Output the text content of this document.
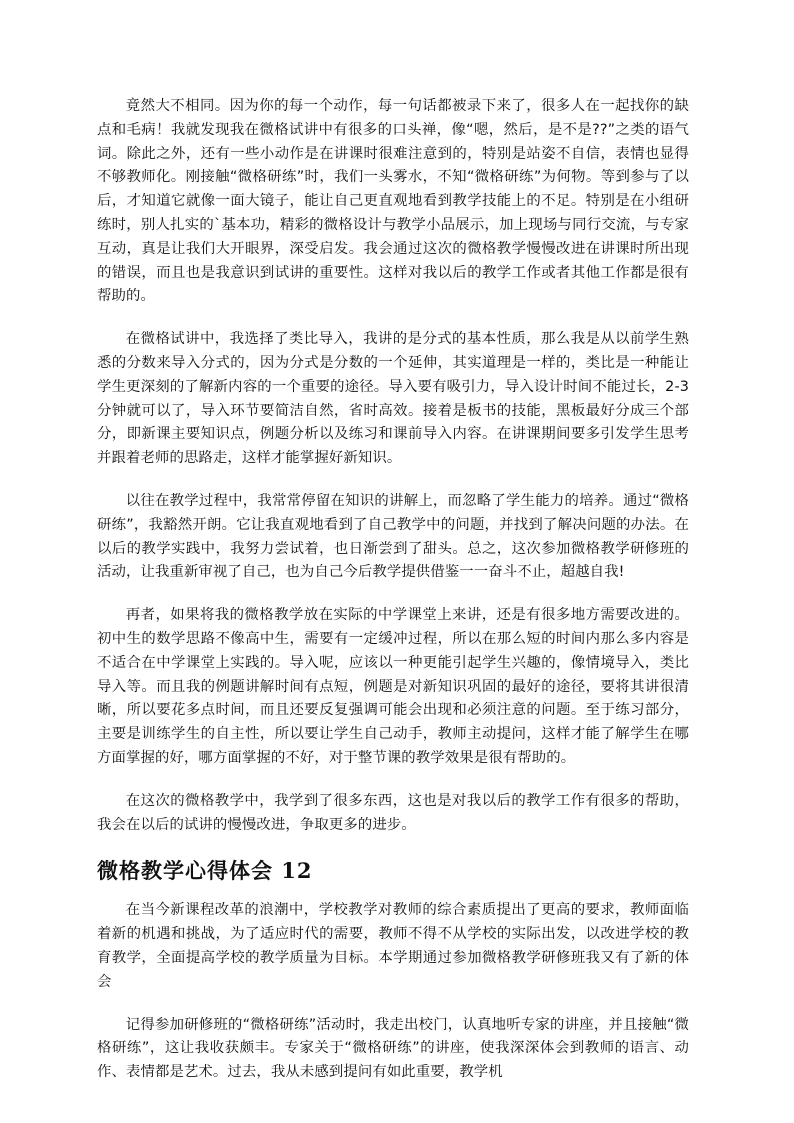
竟然大不相同。因为你的每一个动作，每一句话都被录下来了，很多人在一起找你的缺点和毛病！我就发现我在微格试讲中有很多的口头禅，像“嗯，然后，是不是??”之类的语气词。除此之外，还有一些小动作是在讲课时很难注意到的，特别是站姿不自信，表情也显得不够教师化。刚接触“微格研练”时，我们一头雾水，不知“微格研练”为何物。等到参与了以后，才知道它就像一面大镜子，能让自己更直观地看到教学技能上的不足。特别是在小组研练时，别人扎实的`基本功，精彩的微格设计与教学小品展示，加上现场与同行交流，与专家互动，真是让我们大开眼界，深受启发。我会通过这次的微格教学慢慢改进在讲课时所出现的错误，而且也是我意识到试讲的重要性。这样对我以后的教学工作或者其他工作都是很有帮助的。

在微格试讲中，我选择了类比导入，我讲的是分式的基本性质，那么我是从以前学生熟悉的分数来导入分式的，因为分式是分数的一个延伸，其实道理是一样的，类比是一种能让学生更深刻的了解新内容的一个重要的途径。导入要有吸引力，导入设计时间不能过长，2-3 分钟就可以了，导入环节要简洁自然，省时高效。接着是板书的技能，黑板最好分成三个部分，即新课主要知识点，例题分析以及练习和课前导入内容。在讲课期间要多引发学生思考并跟着老师的思路走，这样才能掌握好新知识。

以往在教学过程中，我常常停留在知识的讲解上，而忽略了学生能力的培养。通过“微格研练”，我豁然开朗。它让我直观地看到了自己教学中的问题，并找到了解决问题的办法。在以后的教学实践中，我努力尝试着，也日渐尝到了甜头。总之，这次参加微格教学研修班的活动，让我重新审视了自己，也为自己今后教学提供借鉴一一奋斗不止，超越自我!

再者，如果将我的微格教学放在实际的中学课堂上来讲，还是有很多地方需要改进的。初中生的数学思路不像高中生，需要有一定缓冲过程，所以在那么短的时间内那么多内容是不适合在中学课堂上实践的。导入呢，应该以一种更能引起学生兴趣的，像情境导入，类比导入等。而且我的例题讲解时间有点短，例题是对新知识巩固的最好的途径，要将其讲很清晰，所以要花多点时间，而且还要反复强调可能会出现和必须注意的问题。至于练习部分，主要是训练学生的自主性，所以要让学生自己动手，教师主动提问，这样才能了解学生在哪方面掌握的好，哪方面掌握的不好，对于整节课的教学效果是很有帮助的。

在这次的微格教学中，我学到了很多东西，这也是对我以后的教学工作有很多的帮助，我会在以后的试讲的慢慢改进，争取更多的进步。

微格教学心得体会 12

在当今新课程改革的浪潮中，学校教学对教师的综合素质提出了更高的要求，教师面临着新的机遇和挑战，为了适应时代的需要，教师不得不从学校的实际出发，以改进学校的教育教学，全面提高学校的教学质量为目标。本学期通过参加微格教学研修班我又有了新的体会

记得参加研修班的“微格研练”活动时，我走出校门，认真地听专家的讲座，并且接触“微格研练”，这让我收获颇丰。专家关于“微格研练”的讲座，使我深深体会到教师的语言、动作、表情都是艺术。过去，我从未感到提问有如此重要，教学机
